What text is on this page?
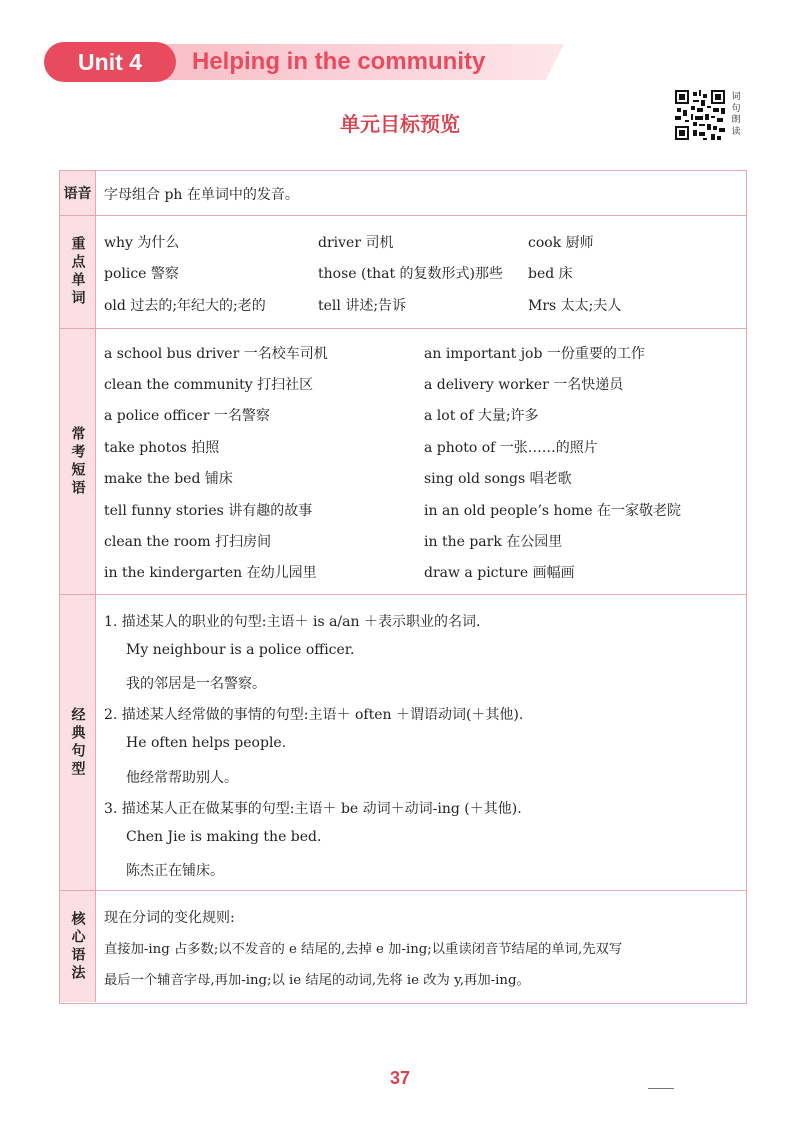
Unit 4	Helping in the community
单元目标预览
词
句
朗
读
语音 字母组合 ph 在单词中的发音。
重点单词 why 为什么	driver 司机	cook 厨师
police 警察	those (that 的复数形式)那些 bed 床
old 过去的;年纪大的;老的	tell 讲述;告诉	Mrs 太太;夫人
常考短语
a school bus driver 一名校车司机	an important job 一份重要的工作
clean the community 打扫社区	a delivery worker 一名快递员
a police officer 一名警察	a lot of 大量;许多
take photos 拍照	a photo of 一张……的照片
make the bed 铺床	sing old songs 唱老歌
tell funny stories 讲有趣的故事	in an old people’s home 在一家敬老院
clean the room 打扫房间	in the park 在公园里
in the kindergarten 在幼儿园里	draw a picture 画幅画
经典句型
1. 描述某人的职业的句型:主语＋ is a/an ＋表示职业的名词.
My neighbour is a police officer.
我的邻居是一名警察。
2. 描述某人经常做的事情的句型:主语＋ often ＋谓语动词(＋其他).
He often helps people.
他经常帮助别人。
3. 描述某人正在做某事的句型:主语＋ be 动词＋动词-ing (＋其他).
Chen Jie is making the bed.
陈杰正在铺床。
核心语法 现在分词的变化规则:
直接加-ing 占多数;以不发音的 e 结尾的,去掉 e 加-ing;以重读闭音节结尾的单词,先双写
最后一个辅音字母,再加-ing;以 ie 结尾的动词,先将 ie 改为 y,再加-ing。
37
